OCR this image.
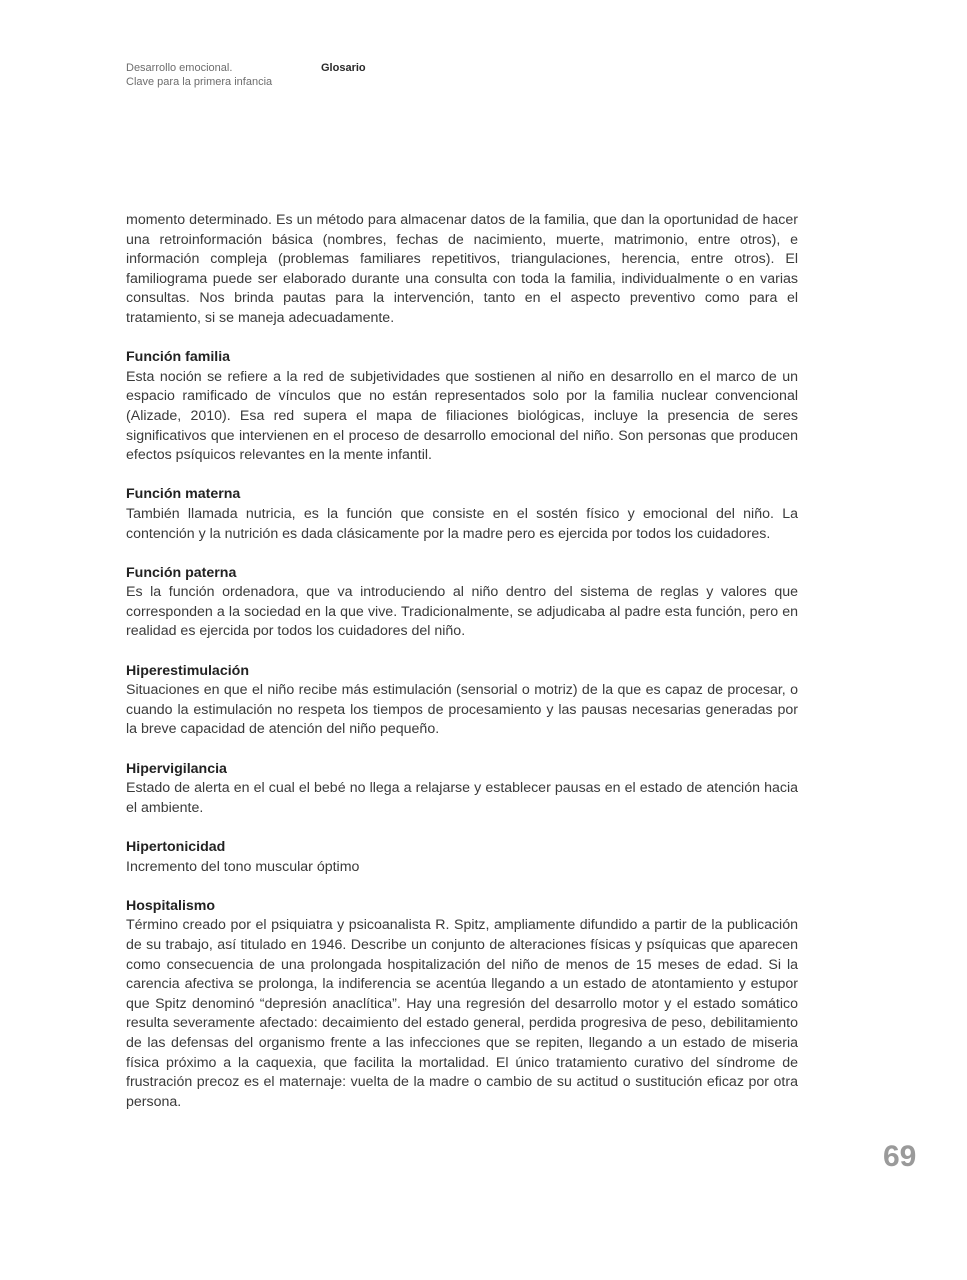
Desarrollo emocional.
Clave para la primera infancia
Glosario

momento determinado. Es un método para almacenar datos de la familia, que dan la oportunidad de hacer una retroinformación básica (nombres, fechas de nacimiento, muerte, matrimonio, entre otros), e información compleja (problemas familiares repetitivos, triangulaciones, herencia, entre otros). El familiograma puede ser elaborado durante una consulta con toda la familia, individualmente o en varias consultas. Nos brinda pautas para la intervención, tanto en el aspecto preventivo como para el tratamiento, si se maneja adecuadamente.

Función familia

Esta noción se refiere a la red de subjetividades que sostienen al niño en desarrollo en el marco de un espacio ramificado de vínculos que no están representados solo por la familia nuclear convencional (Alizade, 2010). Esa red supera el mapa de filiaciones biológicas, incluye la presencia de seres significativos que intervienen en el proceso de desarrollo emocional del niño. Son personas que producen efectos psíquicos relevantes en la mente infantil.

Función materna

También llamada nutricia, es la función que consiste en el sostén físico y emocional del niño. La contención y la nutrición es dada clásicamente por la madre pero es ejercida por todos los cuidadores.

Función paterna

Es la función ordenadora, que va introduciendo al niño dentro del sistema de reglas y valores que corresponden a la sociedad en la que vive. Tradicionalmente, se adjudicaba al padre esta función, pero en realidad es ejercida por todos los cuidadores del niño.

Hiperestimulación

Situaciones en que el niño recibe más estimulación (sensorial o motriz) de la que es capaz de procesar, o cuando la estimulación no respeta los tiempos de procesamiento y las pausas necesarias generadas por la breve capacidad de atención del niño pequeño.

Hipervigilancia

Estado de alerta en el cual el bebé no llega a relajarse y establecer pausas en el estado de atención hacia el ambiente.

Hipertonicidad

Incremento del tono muscular óptimo

Hospitalismo

Término creado por el psiquiatra y psicoanalista R. Spitz, ampliamente difundido a partir de la publicación de su trabajo, así titulado en 1946. Describe un conjunto de alteraciones físicas y psíquicas que aparecen como consecuencia de una prolongada hospitalización del niño de menos de 15 meses de edad. Si la carencia afectiva se prolonga, la indiferencia se acentúa llegando a un estado de atontamiento y estupor que Spitz denominó “depresión anaclítica”. Hay una regresión del desarrollo motor y el estado somático resulta severamente afectado: decaimiento del estado general, perdida progresiva de peso, debilitamiento de las defensas del organismo frente a las infecciones que se repiten, llegando a un estado de miseria física próximo a la caquexia, que facilita la mortalidad. El único tratamiento curativo del síndrome de frustración precoz es el maternaje: vuelta de la madre o cambio de su actitud o sustitución eficaz por otra persona.

69
